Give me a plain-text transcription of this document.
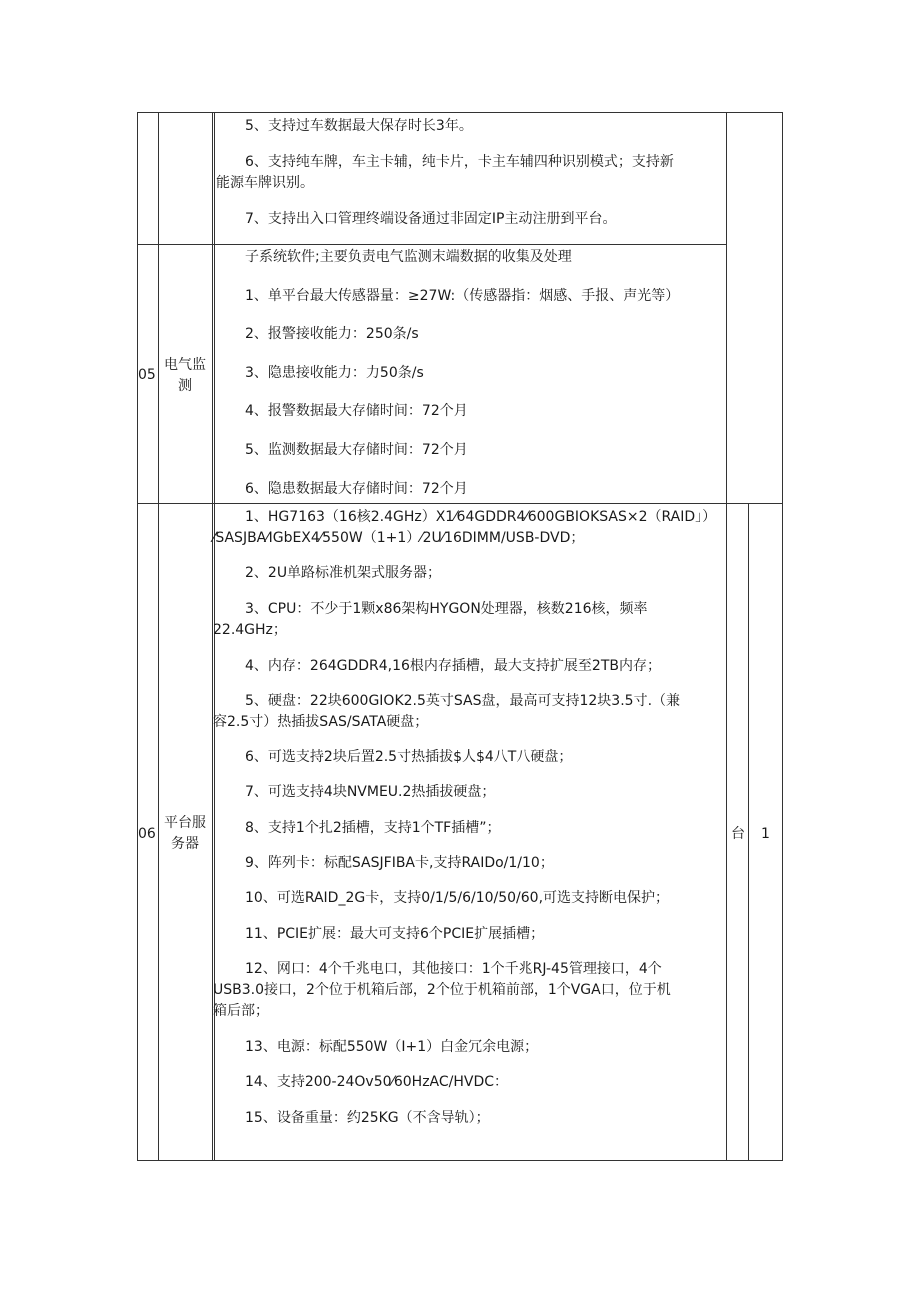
5、支持过车数据最大保存时长3年。
6、支持纯车牌，车主卡辅，纯卡片，卡主车辅四种识别模式；支持新
能源车牌识别。
7、支持出入口管理终端设备通过非固定IP主动注册到平台。
05
电气监
测
子系统软件;主要负责电气监测末端数据的收集及处理
1、单平台最大传感器量：≥27W:（传感器指：烟感、手报、声光等）
2、报警接收能力：250条/s
3、隐患接收能力：力50条/s
4、报警数据最大存储时间：72个月
5、监测数据最大存储时间：72个月
6、隐患数据最大存储时间：72个月
06
平台服
务器
台 1
1、HG7163（16核2.4GHz）X1⁄64GDDR4⁄600GBIOKSAS×2（RAID」）
⁄SASJBA⁄IGbEX4⁄550W（1+1）⁄2U⁄16DIMM/USB-DVD；
2、2U单路标准机架式服务器；
3、CPU：不少于1颗x86架构HYGON处理器，核数216核，频率
22.4GHz；
4、内存：264GDDR4,16根内存插槽，最大支持扩展至2TB内存；
5、硬盘：22块600GIOK2.5英寸SAS盘，最高可支持12块3.5寸.（兼
容2.5寸）热插拔SAS/SATA硬盘；
6、可选支持2块后置2.5寸热插拔$人$4八T八硬盘；
7、可选支持4块NVMEU.2热插拔硬盘；
8、支持1个扎2插槽，支持1个TF插槽”；
9、阵列卡：标配SASJFIBA卡,支持RAIDo/1/10；
10、可选RAID_2G卡，支持0/1/5/6/10/50/60,可选支持断电保护；
11、PCIE扩展：最大可支持6个PCIE扩展插槽；
12、网口：4个千兆电口，其他接口：1个千兆RJ-45管理接口，4个
USB3.0接口，2个位于机箱后部，2个位于机箱前部，1个VGA口，位于机
箱后部；
13、电源：标配550W（I+1）白金冗余电源；
14、支持200-24Ov50⁄60HzAC/HVDC：
15、设备重量：约25KG（不含导轨）；
